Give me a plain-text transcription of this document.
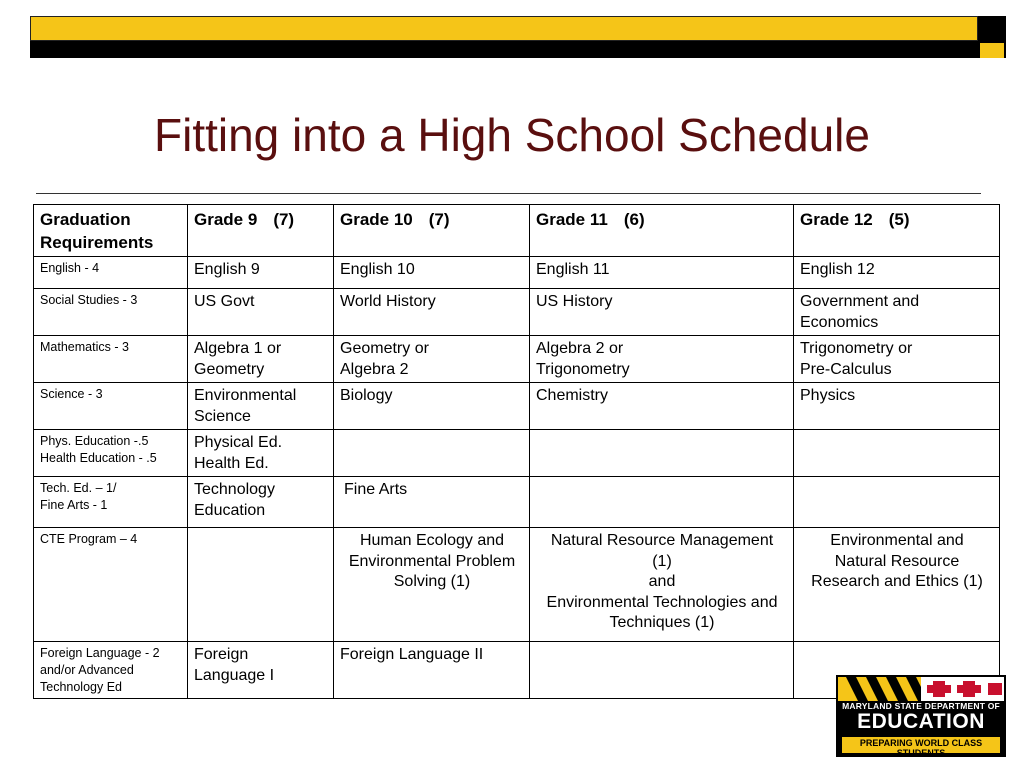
Fitting into a High School Schedule
Graduation Requirements	Grade 9 (7)	Grade 10 (7)	Grade 11 (6)	Grade 12 (5)

English - 4	English 9	English 10	English 11	English 12

Social Studies - 3	US Govt	World History	US History	Government and
Economics

Mathematics - 3	Algebra 1 or
Geometry	Geometry or
Algebra 2	Algebra 2 or
Trigonometry	Trigonometry or
Pre-Calculus

Science - 3	Environmental
Science	Biology	Chemistry	Physics

Phys. Education -.5
Health Education - .5	Physical Ed.
Health Ed.			

Tech. Ed. – 1/
Fine Arts - 1	Technology
Education	Fine Arts		

CTE Program – 4		Human Ecology and
Environmental Problem
Solving (1)	Natural Resource Management
(1)
and
Environmental Technologies and
Techniques (1)	Environmental and
Natural Resource
Research and Ethics (1)

Foreign Language - 2
and/or Advanced
Technology Ed	Foreign
Language I	Foreign Language II		

MARYLAND STATE DEPARTMENT OF
EDUCATION
PREPARING WORLD CLASS STUDENTS
